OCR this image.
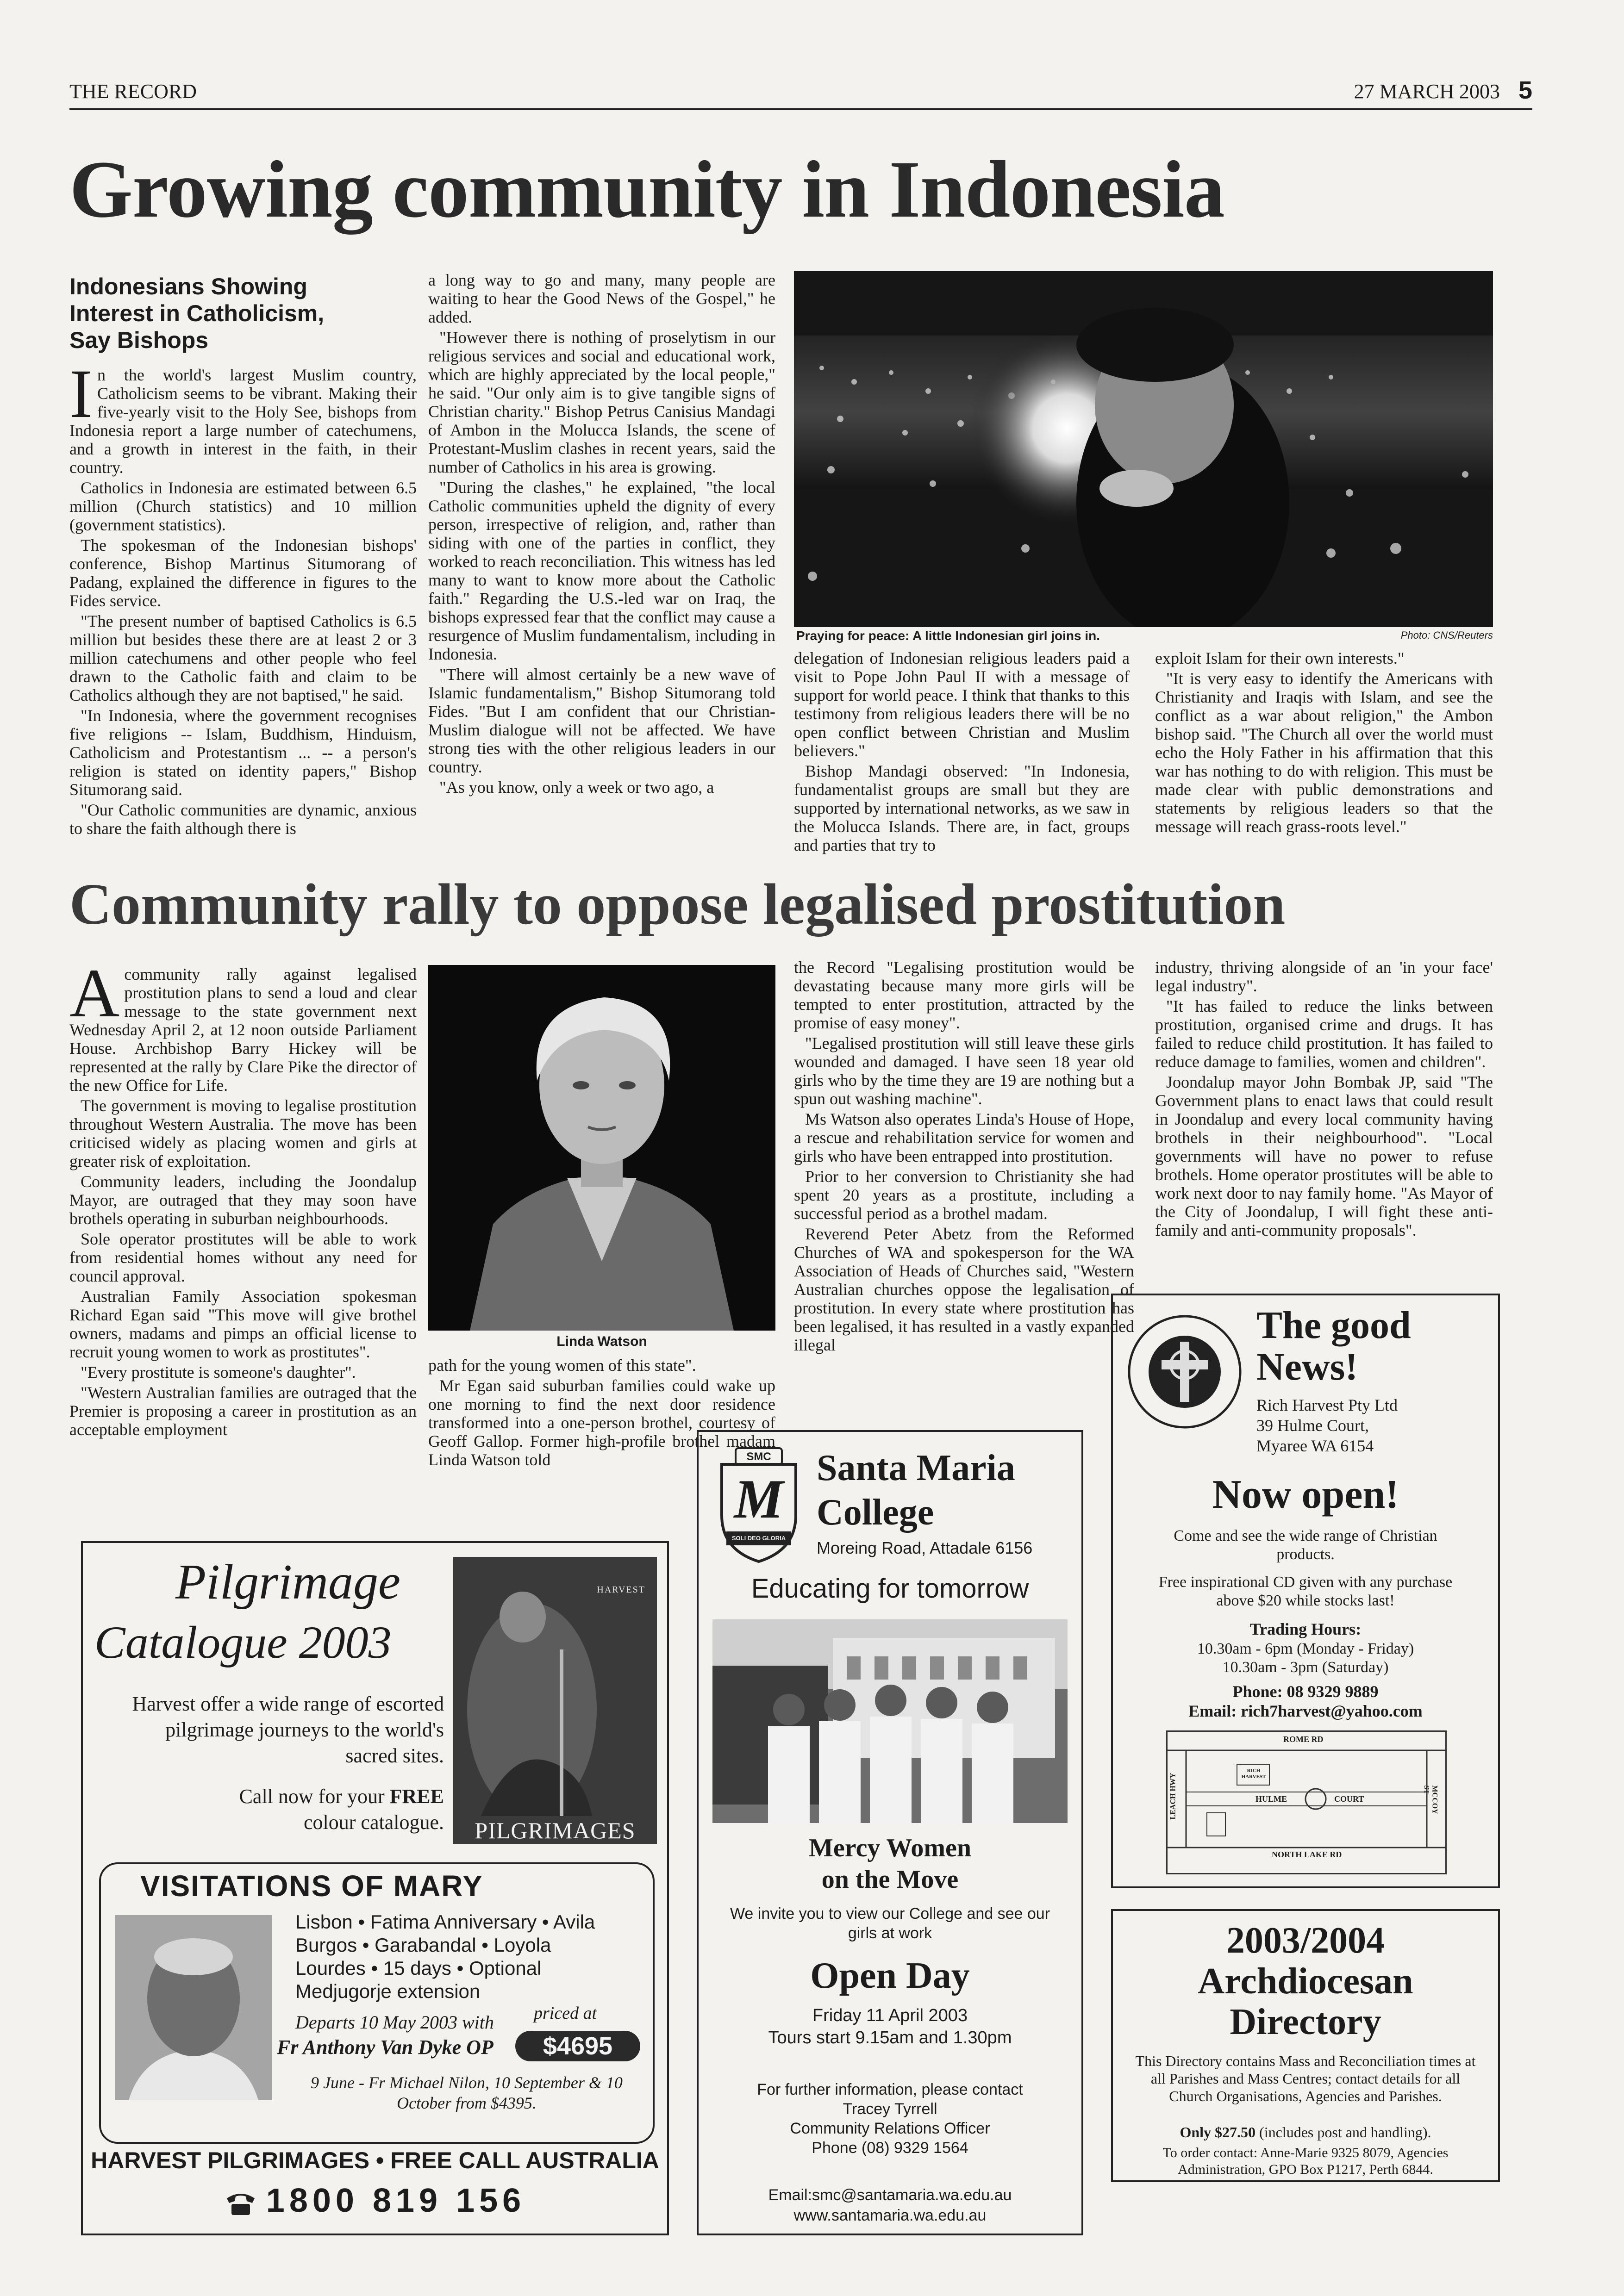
THE RECORD	27 MARCH 2003 5
Growing community in Indonesia
Indonesians Showing Interest in Catholicism, Say Bishops
I n the world's largest Muslim country, Catholicism seems to be vibrant. Making their five-yearly visit to the Holy See, bishops from Indonesia report a large number of catechumens, and a growth in interest in the faith, in their country.

Catholics in Indonesia are estimated between 6.5 million (Church statistics) and 10 million (government statistics).

The spokesman of the Indonesian bishops' conference, Bishop Martinus Situmorang of Padang, explained the difference in figures to the Fides service.

"The present number of baptised Catholics is 6.5 million but besides these there are at least 2 or 3 million catechumens and other people who feel drawn to the Catholic faith and claim to be Catholics although they are not baptised," he said.

"In Indonesia, where the government recognises five religions -- Islam, Buddhism, Hinduism, Catholicism and Protestantism ... -- a person's religion is stated on identity papers," Bishop Situmorang said.

"Our Catholic communities are dynamic, anxious to share the faith although there is

a long way to go and many, many people are waiting to hear the Good News of the Gospel," he added.

"However there is nothing of proselytism in our religious services and social and educational work, which are highly appreciated by the local people," he said. "Our only aim is to give tangible signs of Christian charity." Bishop Petrus Canisius Mandagi of Ambon in the Molucca Islands, the scene of Protestant-Muslim clashes in recent years, said the number of Catholics in his area is growing.

"During the clashes," he explained, "the local Catholic communities upheld the dignity of every person, irrespective of religion, and, rather than siding with one of the parties in conflict, they worked to reach reconciliation. This witness has led many to want to know more about the Catholic faith." Regarding the U.S.-led war on Iraq, the bishops expressed fear that the conflict may cause a resurgence of Muslim fundamentalism, including in Indonesia.

"There will almost certainly be a new wave of Islamic fundamentalism," Bishop Situmorang told Fides. "But I am confident that our Christian-Muslim dialogue will not be affected. We have strong ties with the other religious leaders in our country.

"As you know, only a week or two ago, a

Praying for peace: A little Indonesian girl joins in.	Photo: CNS/Reuters

delegation of Indonesian religious leaders paid a visit to Pope John Paul II with a message of support for world peace. I think that thanks to this testimony from religious leaders there will be no open conflict between Christian and Muslim believers."

Bishop Mandagi observed: "In Indonesia, fundamentalist groups are small but they are supported by international networks, as we saw in the Molucca Islands. There are, in fact, groups and parties that try to

exploit Islam for their own interests."

"It is very easy to identify the Americans with Christianity and Iraqis with Islam, and see the conflict as a war about religion," the Ambon bishop said. "The Church all over the world must echo the Holy Father in his affirmation that this war has nothing to do with religion. This must be made clear with public demonstrations and statements by religious leaders so that the message will reach grass-roots level."

Community rally to oppose legalised prostitution
A community rally against legalised prostitution plans to send a loud and clear message to the state government next Wednesday April 2, at 12 noon outside Parliament House. Archbishop Barry Hickey will be represented at the rally by Clare Pike the director of the new Office for Life.

The government is moving to legalise prostitution throughout Western Australia. The move has been criticised widely as placing women and girls at greater risk of exploitation.

Community leaders, including the Joondalup Mayor, are outraged that they may soon have brothels operating in suburban neighbourhoods.

Sole operator prostitutes will be able to work from residential homes without any need for council approval.

Australian Family Association spokesman Richard Egan said "This move will give brothel owners, madams and pimps an official license to recruit young women to work as prostitutes".

"Every prostitute is someone's daughter".

"Western Australian families are outraged that the Premier is proposing a career in prostitution as an acceptable employment

Linda Watson

path for the young women of this state".

Mr Egan said suburban families could wake up one morning to find the next door residence transformed into a one-person brothel, courtesy of Geoff Gallop. Former high-profile brothel madam Linda Watson told

the Record "Legalising prostitution would be devastating because many more girls will be tempted to enter prostitution, attracted by the promise of easy money".

"Legalised prostitution will still leave these girls wounded and damaged. I have seen 18 year old girls who by the time they are 19 are nothing but a spun out washing machine".

Ms Watson also operates Linda's House of Hope, a rescue and rehabilitation service for women and girls who have been entrapped into prostitution.

Prior to her conversion to Christianity she had spent 20 years as a prostitute, including a successful period as a brothel madam.

Reverend Peter Abetz from the Reformed Churches of WA and spokesperson for the WA Association of Heads of Churches said, "Western Australian churches oppose the legalisation of prostitution. In every state where prostitution has been legalised, it has resulted in a vastly expanded illegal

industry, thriving alongside of an 'in your face' legal industry".

"It has failed to reduce the links between prostitution, organised crime and drugs. It has failed to reduce child prostitution. It has failed to reduce damage to families, women and children".

Joondalup mayor John Bombak JP, said "The Government plans to enact laws that could result in Joondalup and every local community having brothels in their neighbourhood". "Local governments will have no power to refuse brothels. Home operator prostitutes will be able to work next door to nay family home. "As Mayor of the City of Joondalup, I will fight these anti-family and anti-community proposals".

The good
News!
Rich Harvest Pty Ltd
39 Hulme Court,
Myaree WA 6154
Now open!
Come and see the wide range of Christian products.
Free inspirational CD given with any purchase above $20 while stocks last!
Trading Hours:
10.30am - 6pm (Monday - Friday)
10.30am - 3pm (Saturday)
Phone: 08 9329 9889
Email: rich7harvest@yahoo.com
ROME RD
NORTH LAKE RD
LEACH HWY	MCCOY ST
HULME	COURT
RICH HARVEST
2003/2004
Archdiocesan
Directory
This Directory contains Mass and Reconciliation times at all Parishes and Mass Centres; contact details for all Church Organisations, Agencies and Parishes.
Only $27.50 (includes post and handling).
To order contact: Anne-Marie 9325 8079, Agencies Administration, GPO Box P1217, Perth 6844.
SMC
M
SOLI DEO GLORIA
Santa Maria
College
Moreing Road, Attadale 6156
Educating for tomorrow
Mercy Women
on the Move
We invite you to view our College and see our girls at work
Open Day
Friday 11 April 2003
Tours start 9.15am and 1.30pm
For further information, please contact
Tracey Tyrrell
Community Relations Officer
Phone (08) 9329 1564
Email:smc@santamaria.wa.edu.au
www.santamaria.wa.edu.au
Pilgrimage
Catalogue 2003
Harvest offer a wide range of escorted pilgrimage journeys to the world's sacred sites.
Call now for your FREE
colour catalogue.
HARVEST
PILGRIMAGES
VISITATIONS OF MARY
Lisbon • Fatima Anniversary • Avila
Burgos • Garabandal • Loyola
Lourdes • 15 days • Optional
Medjugorje extension
priced at
Departs 10 May 2003 with
Fr Anthony Van Dyke OP	$4695
9 June - Fr Michael Nilon, 10 September & 10 October from $4395.
HARVEST PILGRIMAGES • FREE CALL AUSTRALIA
1800 819 156
